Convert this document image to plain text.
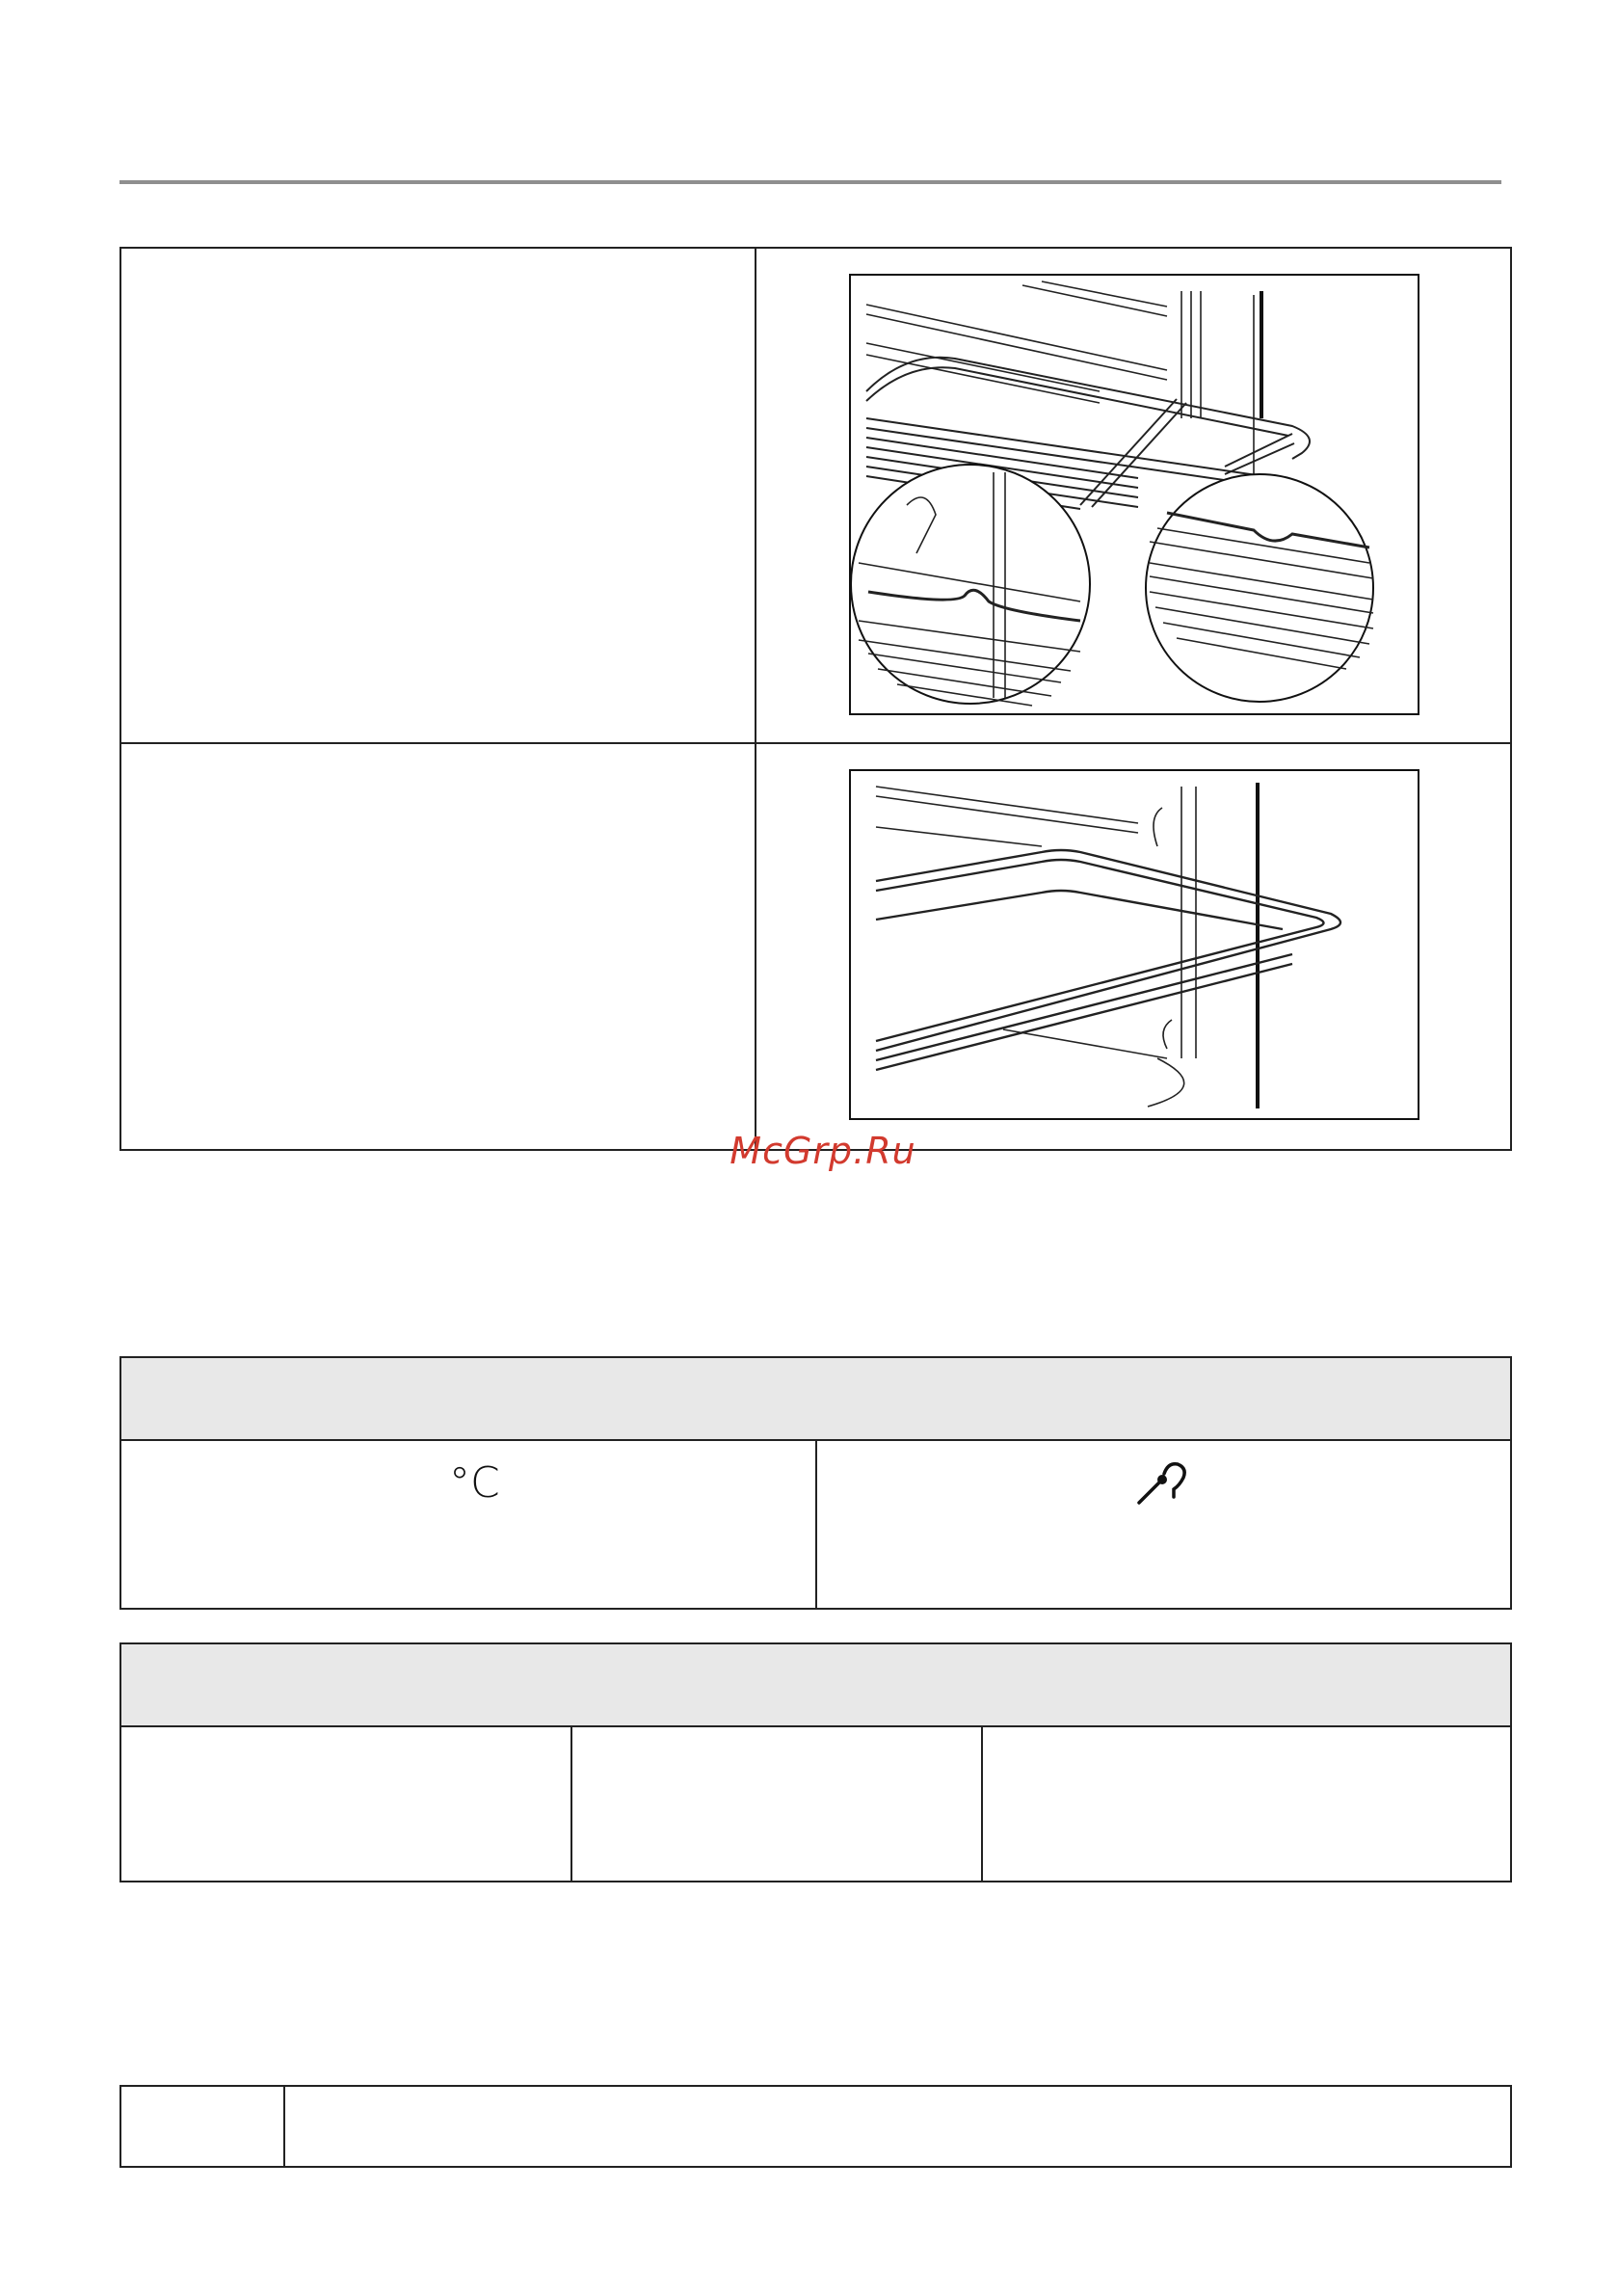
McGrp.Ru

°C
